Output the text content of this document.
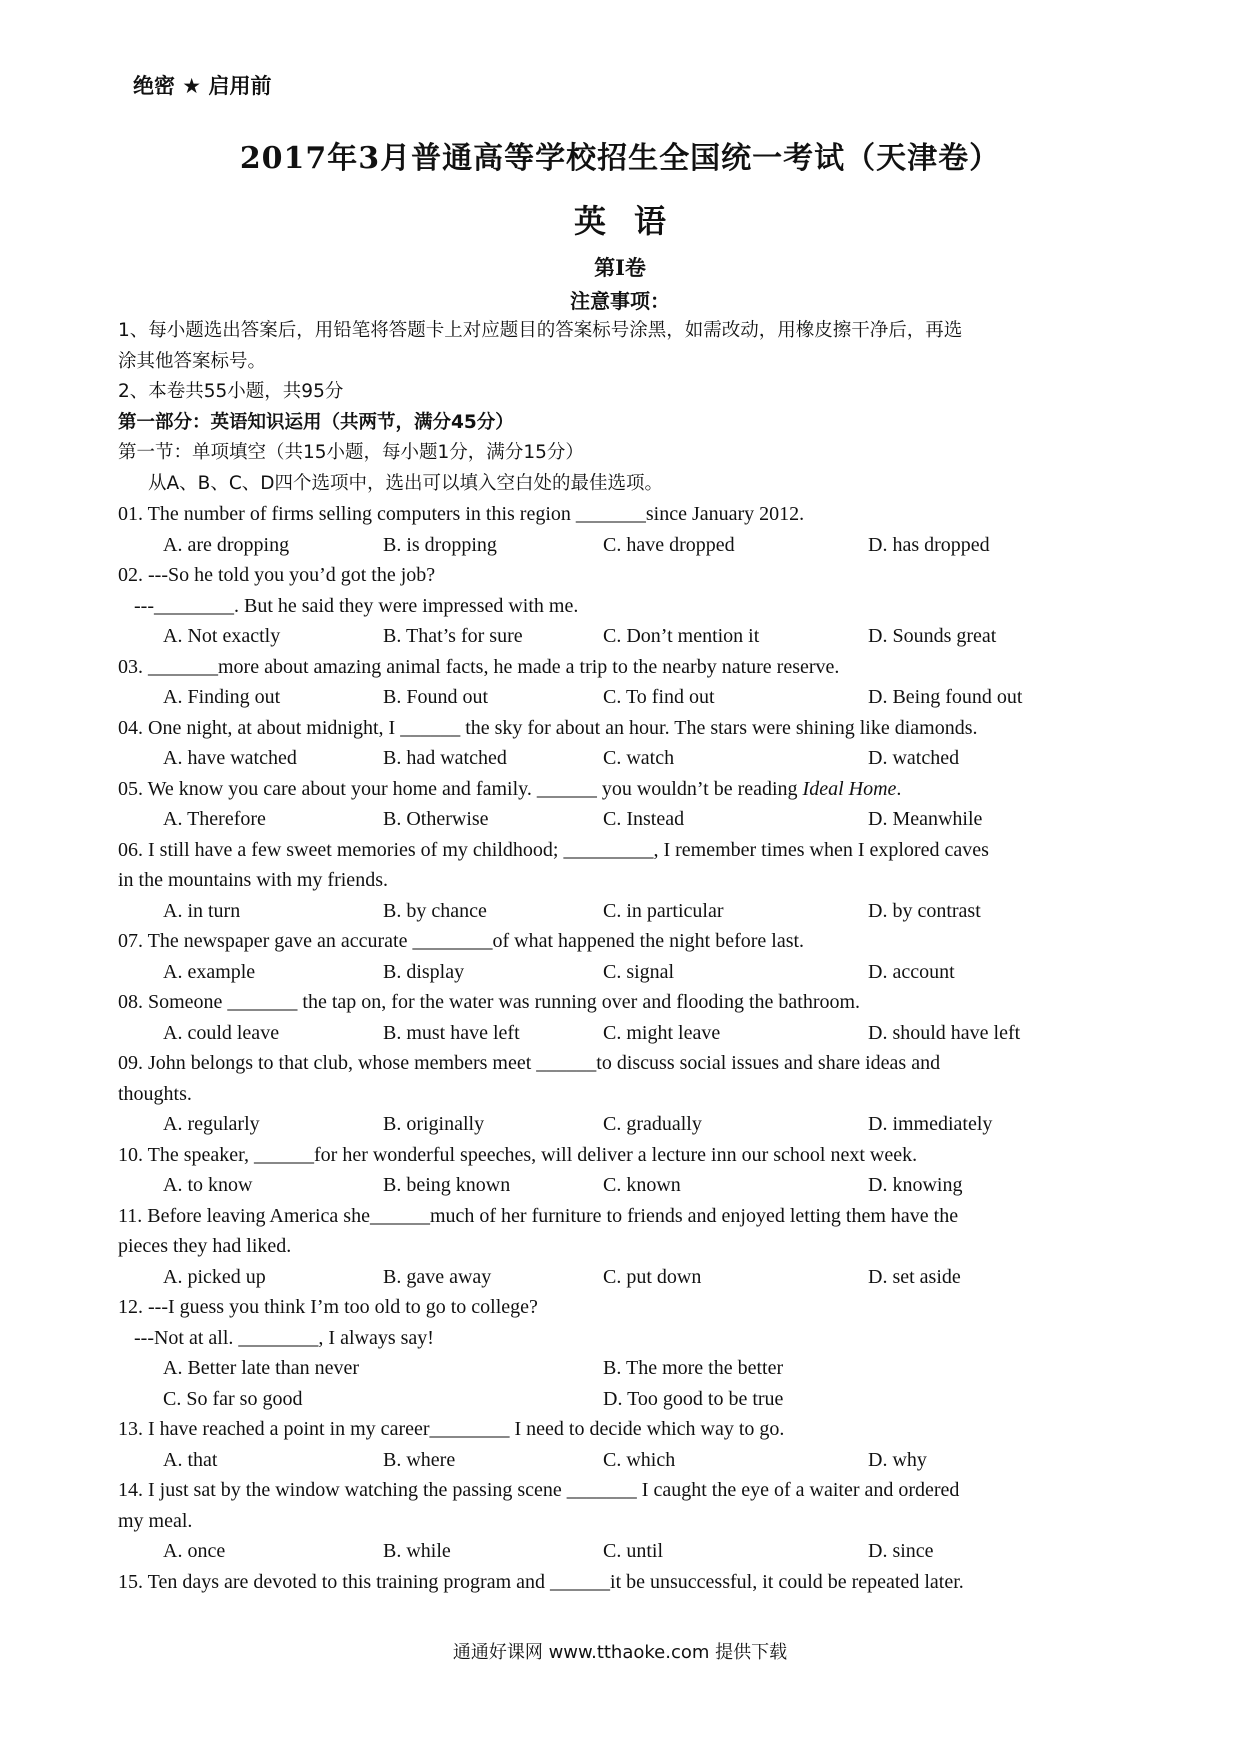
绝密 ★ 启用前
2017年3月普通高等学校招生全国统一考试（天津卷）
英语
第Ⅰ卷
注意事项：
1、每小题选出答案后，用铅笔将答题卡上对应题目的答案标号涂黑，如需改动，用橡皮擦干净后，再选
涂其他答案标号。
2、本卷共55小题，共95分
第一部分：英语知识运用（共两节，满分45分）
第一节：单项填空（共15小题，每小题1分，满分15分）
从A、B、C、D四个选项中，选出可以填入空白处的最佳选项。
01. The number of firms selling computers in this region _______since January 2012.
A. are dropping	B. is dropping	C. have dropped	D. has dropped
02. ---So he told you you’d got the job?
---________. But he said they were impressed with me.
A. Not exactly	B. That’s for sure	C. Don’t mention it	D. Sounds great
03. _______more about amazing animal facts, he made a trip to the nearby nature reserve.
A. Finding out	B. Found out	C. To find out	D. Being found out
04. One night, at about midnight, I ______ the sky for about an hour. The stars were shining like diamonds.
A. have watched	B. had watched	C. watch	D. watched
05. We know you care about your home and family. ______ you wouldn’t be reading Ideal Home.
A. Therefore	B. Otherwise	C. Instead	D. Meanwhile
06. I still have a few sweet memories of my childhood; _________, I remember times when I explored caves
in the mountains with my friends.
A. in turn	B. by chance	C. in particular	D. by contrast
07. The newspaper gave an accurate ________of what happened the night before last.
A. example	B. display	C. signal	D. account
08. Someone _______ the tap on, for the water was running over and flooding the bathroom.
A. could leave	B. must have left	C. might leave	D. should have left
09. John belongs to that club, whose members meet ______to discuss social issues and share ideas and
thoughts.
A. regularly	B. originally	C. gradually	D. immediately
10. The speaker, ______for her wonderful speeches, will deliver a lecture inn our school next week.
A. to know	B. being known	C. known	D. knowing
11. Before leaving America she______much of her furniture to friends and enjoyed letting them have the
pieces they had liked.
A. picked up	B. gave away	C. put down	D. set aside
12. ---I guess you think I’m too old to go to college?
---Not at all. ________, I always say!
A. Better late than never	B. The more the better
C. So far so good	D. Too good to be true
13. I have reached a point in my career________ I need to decide which way to go.
A. that	B. where	C. which	D. why
14. I just sat by the window watching the passing scene _______ I caught the eye of a waiter and ordered
my meal.
A. once	B. while	C. until	D. since
15. Ten days are devoted to this training program and ______it be unsuccessful, it could be repeated later.
通通好课网 www.tthaoke.com 提供下载
